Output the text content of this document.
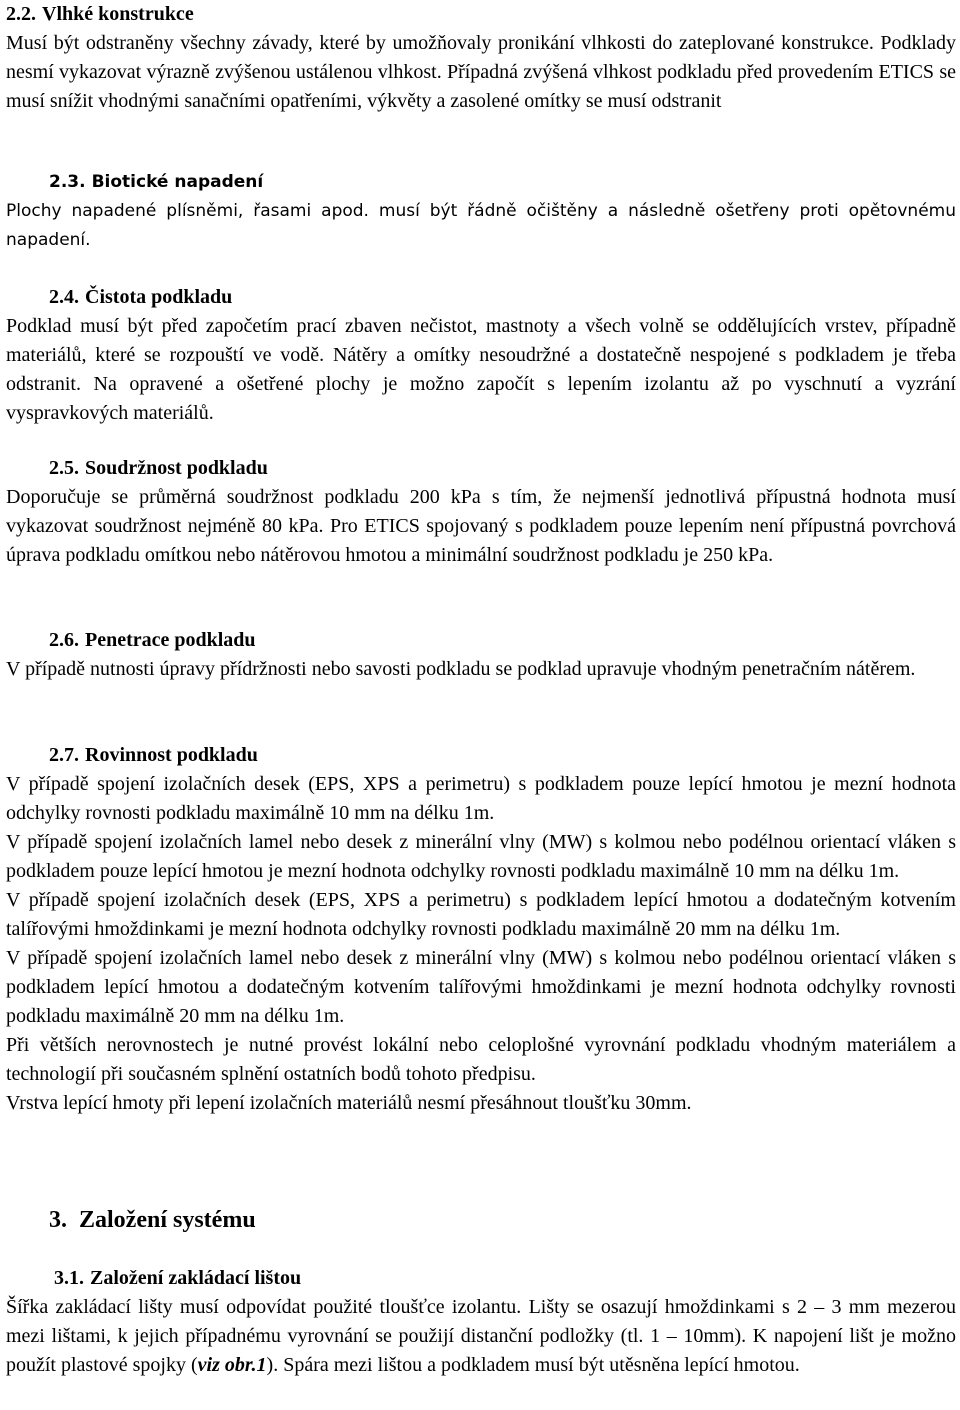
2.2. Vlhké konstrukce

Musí být odstraněny všechny závady, které by umožňovaly pronikání vlhkosti do zateplované konstrukce. Podklady nesmí vykazovat výrazně zvýšenou ustálenou vlhkost. Případná zvýšená vlhkost podkladu před provedením ETICS se musí snížit vhodnými sanačními opatřeními, výkvěty a zasolené omítky se musí odstranit

2.3. Biotické napadení

Plochy napadené plísněmi, řasami apod. musí být řádně očištěny a následně ošetřeny proti opětovnému napadení.

2.4. Čistota podkladu

Podklad musí být před započetím prací zbaven nečistot, mastnoty a všech volně se oddělujících vrstev, případně materiálů, které se rozpouští ve vodě. Nátěry a omítky nesoudržné a dostatečně nespojené s podkladem je třeba odstranit. Na opravené a ošetřené plochy je možno započít s lepením izolantu až po vyschnutí a vyzrání vyspravkových materiálů.

2.5. Soudržnost podkladu

Doporučuje se průměrná soudržnost podkladu 200 kPa s tím, že nejmenší jednotlivá přípustná hodnota musí vykazovat soudržnost nejméně 80 kPa. Pro ETICS spojovaný s podkladem pouze lepením není přípustná povrchová úprava podkladu omítkou nebo nátěrovou hmotou a minimální soudržnost podkladu je 250 kPa.

2.6. Penetrace podkladu

V případě nutnosti úpravy přídržnosti nebo savosti podkladu se podklad upravuje vhodným penetračním nátěrem.

2.7. Rovinnost podkladu

V případě spojení izolačních desek (EPS, XPS a perimetru) s podkladem pouze lepící hmotou je mezní hodnota odchylky rovnosti podkladu maximálně 10 mm na délku 1m.

V případě spojení izolačních lamel nebo desek z minerální vlny (MW) s kolmou nebo podélnou orientací vláken s podkladem pouze lepící hmotou je mezní hodnota odchylky rovnosti podkladu maximálně 10 mm na délku 1m.

V případě spojení izolačních desek (EPS, XPS a perimetru) s podkladem lepící hmotou a dodatečným kotvením talířovými hmoždinkami je mezní hodnota odchylky rovnosti podkladu maximálně 20 mm na délku 1m.

V případě spojení izolačních lamel nebo desek z minerální vlny (MW) s kolmou nebo podélnou orientací vláken s podkladem lepící hmotou a dodatečným kotvením talířovými hmoždinkami je mezní hodnota odchylky rovnosti podkladu maximálně 20 mm na délku 1m.

Při větších nerovnostech je nutné provést lokální nebo celoplošné vyrovnání podkladu vhodným materiálem a technologií při současném splnění ostatních bodů tohoto předpisu.

Vrstva lepící hmoty při lepení izolačních materiálů nesmí přesáhnout tloušťku 30mm.

3. Založení systému
3.1. Založení zakládací lištou

Šířka zakládací lišty musí odpovídat použité tloušťce izolantu. Lišty se osazují hmoždinkami s 2 – 3 mm mezerou mezi lištami, k jejich případnému vyrovnání se použijí distanční podložky (tl. 1 – 10mm). K napojení lišt je možno použít plastové spojky (viz obr.1). Spára mezi lištou a podkladem musí být utěsněna lepící hmotou.
